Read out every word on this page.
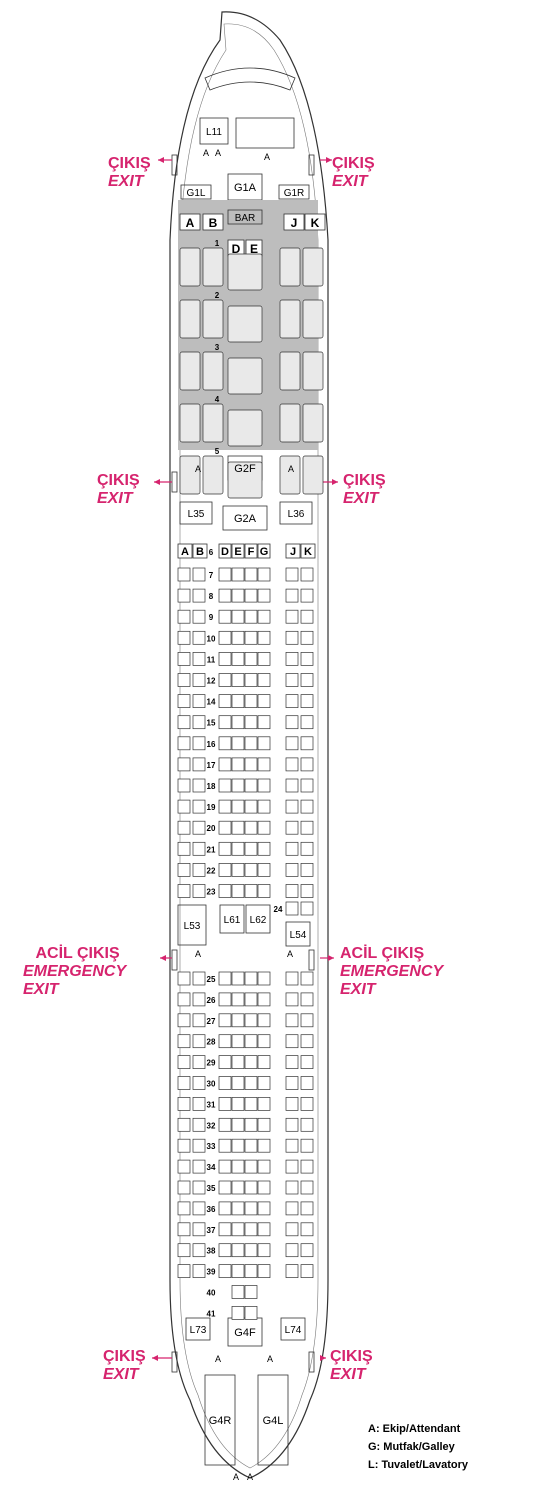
L11
A A	A
G1L	G1A	G1R
A B	J K
BAR
D E
1
2
3
4
5
G2F
A	A
L35	G2A	L36
A B D E F G J K
6
7
8
9
10
11
12
14
15
16
17
18
19
20
21
22
23
24
L53
L61 L62
L54
A	A
25
26
27
28
29
30
31
32
33
34
35
36
37
38
39
40
41
L73	L74
G4F
A	A
G4R	G4L
A A
ÇIKIŞ
EXIT
ÇIKIŞ
EXIT
ÇIKIŞ
EXIT
ÇIKIŞ
EXIT
ACİL ÇIKIŞ
EMERGENCY
EXIT
ACİL ÇIKIŞ
EMERGENCY
EXIT
ÇIKIŞ
EXIT
ÇIKIŞ
EXIT
A: Ekip/Attendant
G: Mutfak/Galley
L: Tuvalet/Lavatory
